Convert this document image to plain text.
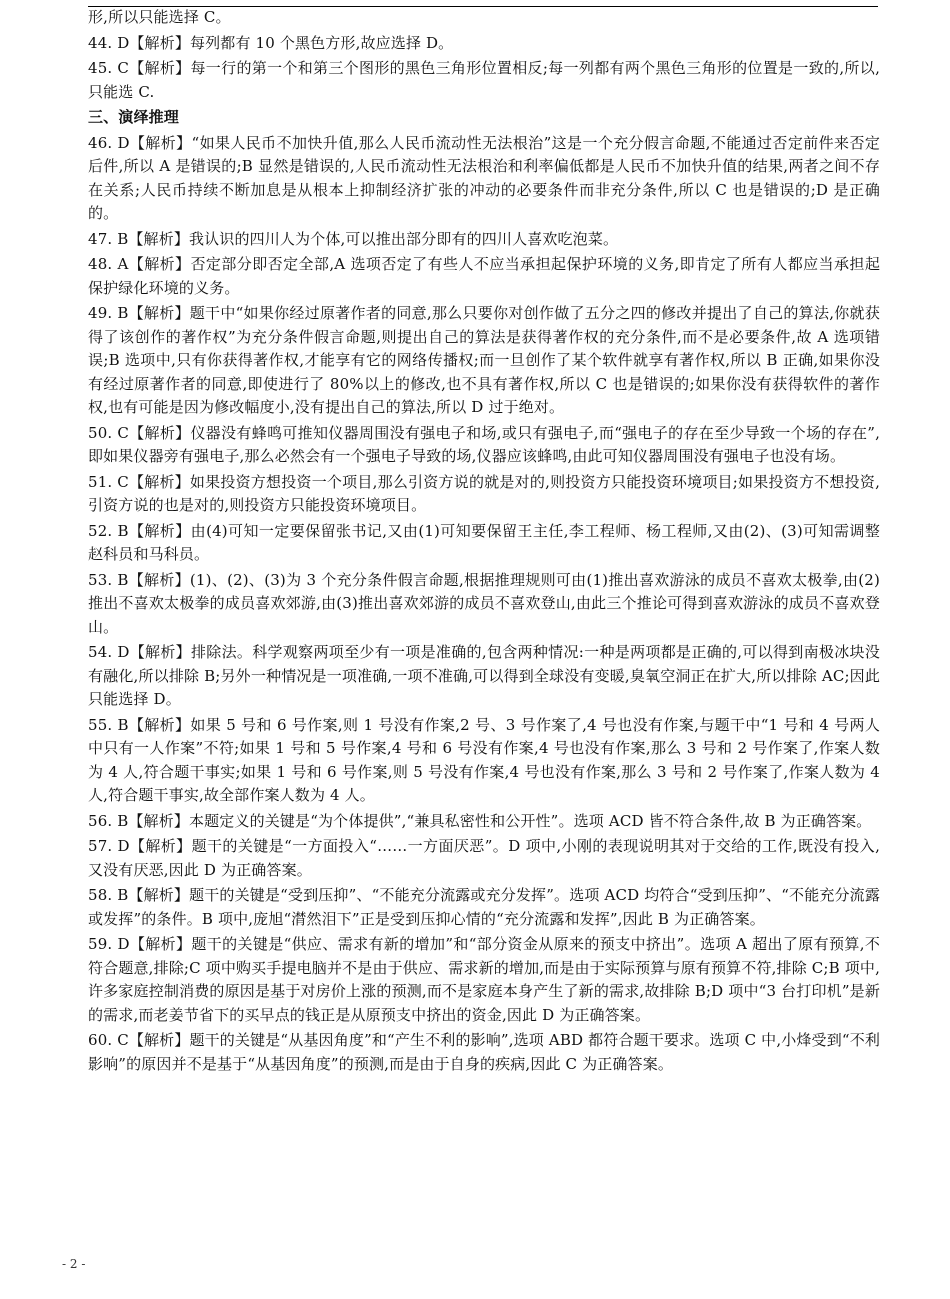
形,所以只能选择 C。

44. D【解析】每列都有 10 个黑色方形,故应选择 D。

45. C【解析】每一行的第一个和第三个图形的黑色三角形位置相反;每一列都有两个黑色三角形的位置是一致的,所以,只能选 C.

三、演绎推理

46. D【解析】“如果人民币不加快升值,那么人民币流动性无法根治”这是一个充分假言命题,不能通过否定前件来否定后件,所以 A 是错误的;B 显然是错误的,人民币流动性无法根治和利率偏低都是人民币不加快升值的结果,两者之间不存在关系;人民币持续不断加息是从根本上抑制经济扩张的冲动的必要条件而非充分条件,所以 C 也是错误的;D 是正确的。

47. B【解析】我认识的四川人为个体,可以推出部分即有的四川人喜欢吃泡菜。

48. A【解析】否定部分即否定全部,A 选项否定了有些人不应当承担起保护环境的义务,即肯定了所有人都应当承担起保护绿化环境的义务。

49. B【解析】题干中“如果你经过原著作者的同意,那么只要你对创作做了五分之四的修改并提出了自己的算法,你就获得了该创作的著作权”为充分条件假言命题,则提出自己的算法是获得著作权的充分条件,而不是必要条件,故 A 选项错误;B 选项中,只有你获得著作权,才能享有它的网络传播权;而一旦创作了某个软件就享有著作权,所以 B 正确,如果你没有经过原著作者的同意,即使进行了 80%以上的修改,也不具有著作权,所以 C 也是错误的;如果你没有获得软件的著作权,也有可能是因为修改幅度小,没有提出自己的算法,所以 D 过于绝对。

50. C【解析】仪器没有蜂鸣可推知仪器周围没有强电子和场,或只有强电子,而“强电子的存在至少导致一个场的存在”,即如果仪器旁有强电子,那么必然会有一个强电子导致的场,仪器应该蜂鸣,由此可知仪器周围没有强电子也没有场。

51. C【解析】如果投资方想投资一个项目,那么引资方说的就是对的,则投资方只能投资环境项目;如果投资方不想投资,引资方说的也是对的,则投资方只能投资环境项目。

52. B【解析】由(4)可知一定要保留张书记,又由(1)可知要保留王主任,李工程师、杨工程师,又由(2)、(3)可知需调整赵科员和马科员。

53. B【解析】(1)、(2)、(3)为 3 个充分条件假言命题,根据推理规则可由(1)推出喜欢游泳的成员不喜欢太极拳,由(2)推出不喜欢太极拳的成员喜欢郊游,由(3)推出喜欢郊游的成员不喜欢登山,由此三个推论可得到喜欢游泳的成员不喜欢登山。

54. D【解析】排除法。科学观察两项至少有一项是准确的,包含两种情况:一种是两项都是正确的,可以得到南极冰块没有融化,所以排除 B;另外一种情况是一项准确,一项不准确,可以得到全球没有变暖,臭氧空洞正在扩大,所以排除 AC;因此只能选择 D。

55. B【解析】如果 5 号和 6 号作案,则 1 号没有作案,2 号、3 号作案了,4 号也没有作案,与题干中“1 号和 4 号两人中只有一人作案”不符;如果 1 号和 5 号作案,4 号和 6 号没有作案,4 号也没有作案,那么 3 号和 2 号作案了,作案人数为 4 人,符合题干事实;如果 1 号和 6 号作案,则 5 号没有作案,4 号也没有作案,那么 3 号和 2 号作案了,作案人数为 4 人,符合题干事实,故全部作案人数为 4 人。

56. B【解析】本题定义的关键是“为个体提供”,“兼具私密性和公开性”。选项 ACD 皆不符合条件,故 B 为正确答案。

57. D【解析】题干的关键是“一方面投入“……一方面厌恶”。D 项中,小刚的表现说明其对于交给的工作,既没有投入,又没有厌恶,因此 D 为正确答案。

58. B【解析】题干的关键是“受到压抑”、“不能充分流露或充分发挥”。选项 ACD 均符合“受到压抑”、“不能充分流露或发挥”的条件。B 项中,庞旭“潸然泪下”正是受到压抑心情的“充分流露和发挥”,因此 B 为正确答案。

59. D【解析】题干的关键是“供应、需求有新的增加”和“部分资金从原来的预支中挤出”。选项 A 超出了原有预算,不符合题意,排除;C 项中购买手提电脑并不是由于供应、需求新的增加,而是由于实际预算与原有预算不符,排除 C;B 项中,许多家庭控制消费的原因是基于对房价上涨的预测,而不是家庭本身产生了新的需求,故排除 B;D 项中“3 台打印机”是新的需求,而老姜节省下的买早点的钱正是从原预支中挤出的资金,因此 D 为正确答案。

60. C【解析】题干的关键是“从基因角度”和“产生不利的影响”,选项 ABD 都符合题干要求。选项 C 中,小烽受到“不利影响”的原因并不是基于“从基因角度”的预测,而是由于自身的疾病,因此 C 为正确答案。

- 2 -
